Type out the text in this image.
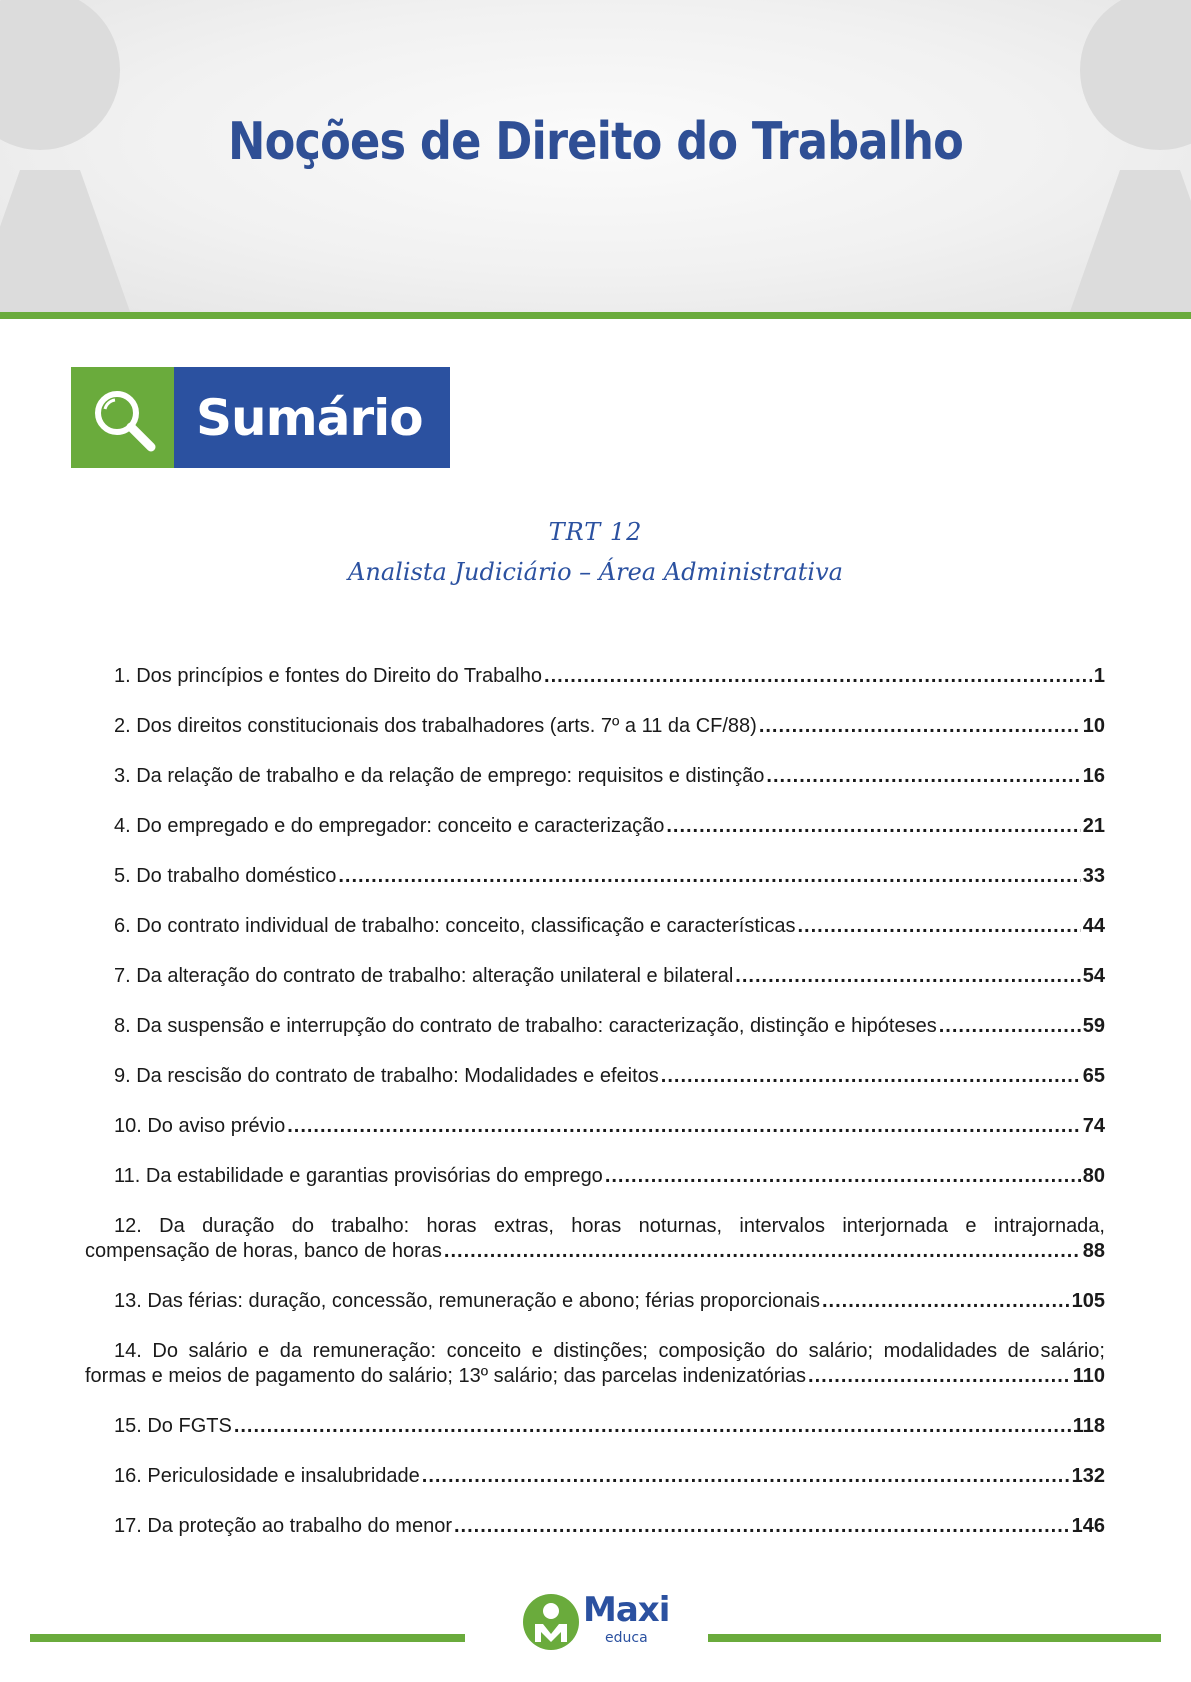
Noções de Direito do Trabalho
Sumário
TRT 12
Analista Judiciário – Área Administrativa
1. Dos princípios e fontes do Direito do Trabalho .....	1
2. Dos direitos constitucionais dos trabalhadores (arts. 7º a 11 da CF/88) .....	10
3. Da relação de trabalho e da relação de emprego: requisitos e distinção .....	16
4. Do empregado e do empregador: conceito e caracterização .....	21
5. Do trabalho doméstico .....	33
6. Do contrato individual de trabalho: conceito, classificação e características .....	44
7. Da alteração do contrato de trabalho: alteração unilateral e bilateral .....	54
8. Da suspensão e interrupção do contrato de trabalho: caracterização, distinção e hipóteses .....	59
9. Da rescisão do contrato de trabalho: Modalidades e efeitos .....	65
10. Do aviso prévio .....	74
11. Da estabilidade e garantias provisórias do emprego .....	80
12. Da duração do trabalho: horas extras, horas noturnas, intervalos interjornada e intrajornada,
compensação de horas, banco de horas .....	88
13. Das férias: duração, concessão, remuneração e abono; férias proporcionais .....	105
14. Do salário e da remuneração: conceito e distinções; composição do salário; modalidades de salário;
formas e meios de pagamento do salário; 13º salário; das parcelas indenizatórias .....	110
15. Do FGTS .....	118
16. Periculosidade e insalubridade .....	132
17. Da proteção ao trabalho do menor .....	146
Maxi
educa
